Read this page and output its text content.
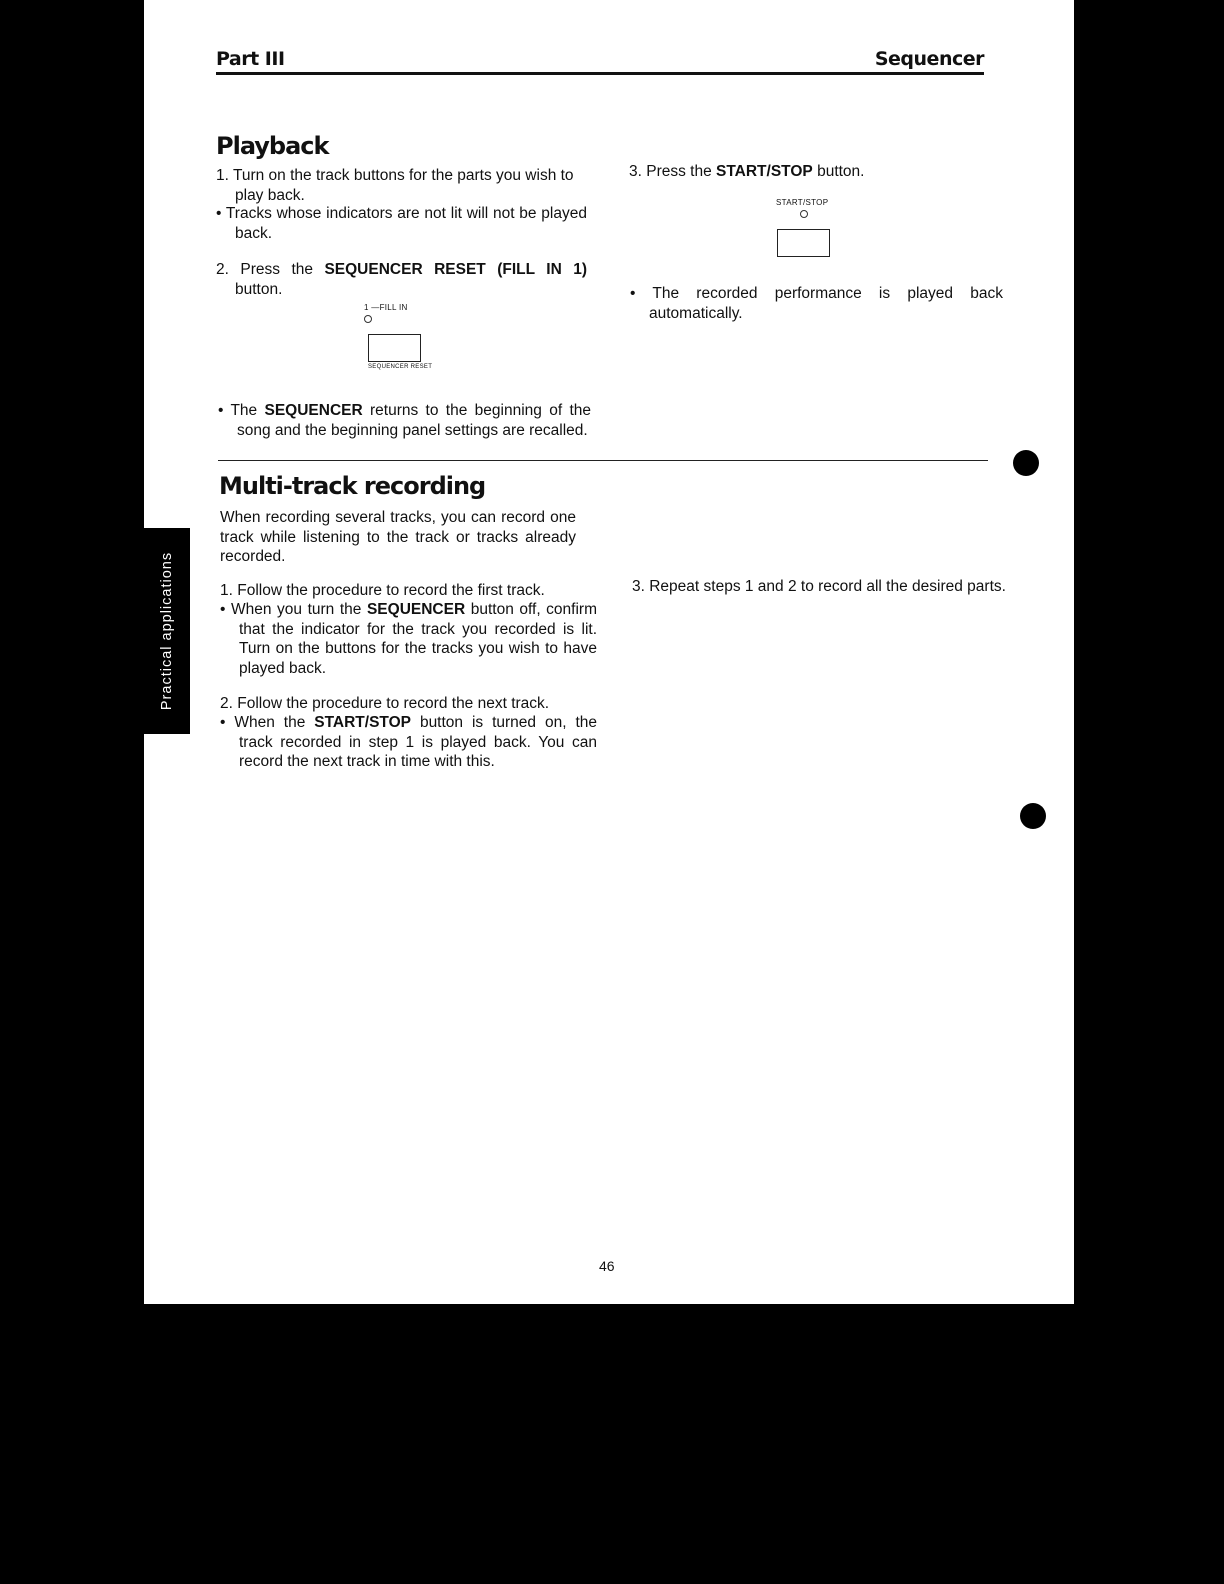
Part III	Sequencer
Playback
1. Turn on the track buttons for the parts you wish to play back.
• Tracks whose indicators are not lit will not be played back.
2. Press the SEQUENCER RESET (FILL IN 1) button.
1 —FILL IN
SEQUENCER RESET
• The SEQUENCER returns to the beginning of the song and the beginning panel settings are recalled.
3. Press the START/STOP button.
START/STOP
• The recorded performance is played back automatically.
Multi-track recording
When recording several tracks, you can record one track while listening to the track or tracks already recorded.
1. Follow the procedure to record the first track.
• When you turn the SEQUENCER button off, confirm that the indicator for the track you recorded is lit. Turn on the buttons for the tracks you wish to have played back.
2. Follow the procedure to record the next track.
• When the START/STOP button is turned on, the track recorded in step 1 is played back. You can record the next track in time with this.
3. Repeat steps 1 and 2 to record all the desired parts.
Practical applications
46
